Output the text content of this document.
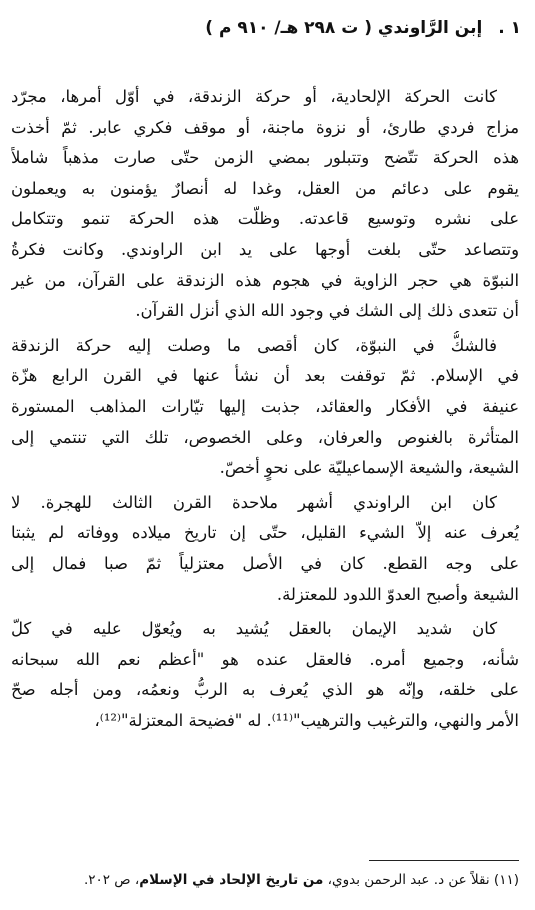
١ . إبن الرَّاوندي ( ت ٢٩٨ هـ/ ٩١٠ م )
كانت الحركة الإلحادية، أو حركة الزندقة، في أوّل أمرها، مجرّد
مزاج فردي طارئ، أو نزوة ماجنة، أو موقف فكري عابر. ثمّ أخذت
هذه الحركة تتّضح وتتبلور بمضي الزمن حتّى صارت مذهباً شاملاً
يقوم على دعائم من العقل، وغدا له أنصارٌ يؤمنون به ويعملون
على نشره وتوسيع قاعدته. وظلّت هذه الحركة تنمو وتتكامل
وتتصاعد حتّى بلغت أوجها على يد ابن الراوندي. وكانت فكرةُ
النبوّة هي حجر الزاوية في هجوم هذه الزندقة على القرآن، من غير
أن تتعدى ذلك إلى الشك في وجود الله الذي أنزل القرآن.
فالشكُّ في النبوّة، كان أقصى ما وصلت إليه حركة الزندقة
في الإسلام. ثمّ توقفت بعد أن نشأ عنها في القرن الرابع هزّة
عنيفة في الأفكار والعقائد، جذبت إليها تيّارات المذاهب المستورة
المتأثرة بالغنوص والعرفان، وعلى الخصوص، تلك التي تنتمي إلى
الشيعة، والشيعة الإسماعيليّة على نحوٍ أخصّ.
كان ابن الراوندي أشهر ملاحدة القرن الثالث للهجرة. لا
يُعرف عنه إلاّ الشيء القليل، حتّى إن تاريخ ميلاده ووفاته لم يثبتا
على وجه القطع. كان في الأصل معتزلياً ثمّ صبا فمال إلى
الشيعة وأصبح العدوّ اللدود للمعتزلة.
كان شديد الإيمان بالعقل يُشيد به ويُعوّل عليه في كلّ
شأنه، وجميع أمره. فالعقل عنده هو "أعظم نعم الله سبحانه
على خلقه، وإنّه هو الذي يُعرف به الربُّ ونعمُه، ومن أجله صحّ
الأمر والنهي، والترغيب والترهيب"⁽¹¹⁾. له "فضيحة المعتزلة"⁽¹²⁾،
(١١) نقلاً عن د. عبد الرحمن بدوي، من تاريخ الإلحاد في الإسلام، ص ٢٠٢.
